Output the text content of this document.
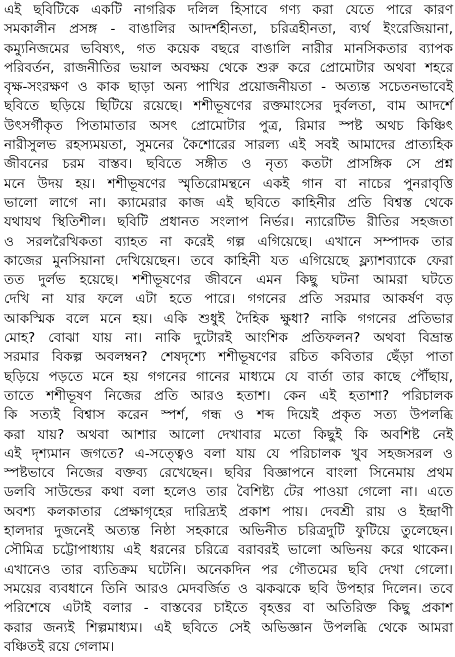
এই ছবিটিকে একটি নাগরিক দলিল হিসাবে গণ্য করা যেতে পারে কারণ
সমকালীন প্রসঙ্গ - বাঙালির আদর্শহীনতা, চরিত্রহীনতা, ব্যর্থ ইংরেজিয়ানা,
কম্যুনিজমের ভবিষ্যৎ, গত কয়েক বছরে বাঙালি নারীর মানসিকতার ব্যাপক
পরিবর্তন, রাজনীতির ভয়াল অবক্ষয় থেকে শুরু করে প্রোমোটার অথবা শহরে
বৃক্ষ-সংরক্ষণ ও কাক ছাড়া অন্য পাখির প্রয়োজনীয়তা - অত্যন্ত সচেতনভাবেই
ছবিতে ছড়িয়ে ছিটিয়ে রয়েছে। শশীভূষণের রক্তমাংসের দুর্বলতা, বাম আদর্শে
উৎসর্গীকৃত পিতামাতার অসৎ প্রোমোটার পুত্র, রিমার স্পষ্ট অথচ কিঞ্চিৎ
নারীসুলভ রহস্যময়তা, সুমনের কৈশোরের সারল্য এই সবই আমাদের প্রাত্যহিক
জীবনের চরম বাস্তব। ছবিতে সঙ্গীত ও নৃত্য কতটা প্রাসঙ্গিক সে প্রশ্ন
মনে উদয় হয়। শশীভূষণের স্মৃতিরোমন্থনে একই গান বা নাচের পুনরাবৃত্তি
ভালো লাগে না। ক্যামেরার কাজ এই ছবিতে কাহিনীর প্রতি বিশ্বস্ত থেকে
যথাযথ স্থিতিশীল। ছবিটি প্রধানত সংলাপ নির্ভর। ন্যারেটিভ রীতির সহজতা
ও সরলরৈখিকতা ব্যাহত না করেই গল্প এগিয়েছে। এখানে সম্পাদক তার
কাজের মুনসিয়ানা দেখিয়েছেন। তবে কাহিনী যত এগিয়েছে ফ্ল্যাশব্যাকে ফেরা
তত দুর্লভ হয়েছে। শশীভূষণের জীবনে এমন কিছু ঘটনা আমরা ঘটতে
দেখি না যার ফলে এটা হতে পারে। গগনের প্রতি সরমার আকর্ষণ বড়
আকস্মিক বলে মনে হয়। একি শুধুই দৈহিক ক্ষুধা? নাকি গগনের প্রতিভার
মোহ? বোঝা যায় না। নাকি দুটোরই আংশিক প্রতিফলন? অথবা বিভ্রান্ত
সরমার বিকল্প অবলম্বন? শেষদৃশ্যে শশীভূষণের রচিত কবিতার ছেঁড়া পাতা
ছড়িয়ে পড়তে মনে হয় গগনের গানের মাধ্যমে যে বার্তা তার কাছে পৌঁছায়,
তাতে শশীভূষণ নিজের প্রতি আরও হতাশ। কেন এই হতাশা? পরিচালক
কি সত্যই বিশ্বাস করেন স্পর্শ, গন্ধ ও শব্দ দিয়েই প্রকৃত সত্য উপলব্ধি
করা যায়? অথবা আশার আলো দেখাবার মতো কিছুই কি অবশিষ্ট নেই
এই দৃশ্যমান জগতে? এ-সত্ত্বেও বলা যায় যে পরিচালক খুব সহজসরল ও
স্পষ্টভাবে নিজের বক্তব্য রেখেছেন। ছবির বিজ্ঞাপনে বাংলা সিনেমায় প্রথম
ডলবি সাউন্ডের কথা বলা হলেও তার বৈশিষ্ট্য টের পাওয়া গেলো না। এতে
অবশ্য কলকাতার প্রেক্ষাগৃহের দারিদ্র্যই প্রকাশ পায়। দেবশ্রী রায় ও ইন্দ্রাণী
হালদার দুজনেই অত্যন্ত নিষ্ঠা সহকারে অভিনীত চরিত্রদুটি ফুটিয়ে তুলেছেন।
সৌমিত্র চট্টোপাধ্যায় এই ধরনের চরিত্রে বরাবরই ভালো অভিনয় করে থাকেন।
এখানেও তার ব্যতিক্রম ঘটেনি। অনেকদিন পর গৌতমের ছবি দেখা গেলো।
সময়ের ব্যবধানে তিনি আরও মেদবর্জিত ও ঝকঝকে ছবি উপহার দিলেন। তবে
পরিশেষে এটাই বলার - বাস্তবের চাইতে বৃহত্তর বা অতিরিক্ত কিছু প্রকাশ
করার জন্যই শিল্পমাধ্যম। এই ছবিতে সেই অভিজ্ঞান উপলব্ধি থেকে আমরা
বঞ্চিতই রয়ে গেলাম।
